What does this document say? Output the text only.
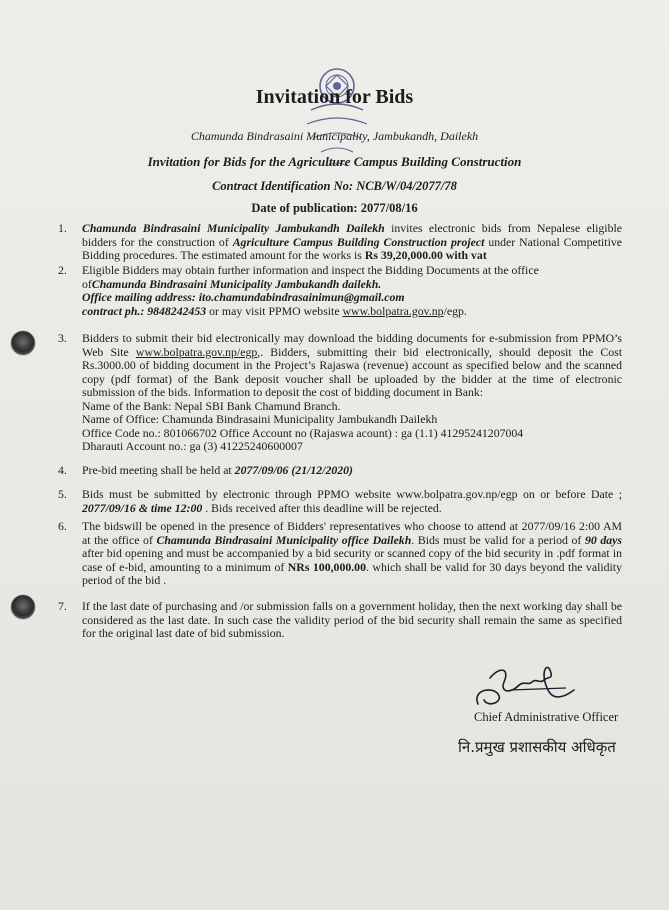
Invitation for Bids
Chamunda Bindrasaini Municipality, Jambukandh, Dailekh
Invitation for Bids for the Agriculture Campus Building Construction
Contract Identification No: NCB/W/04/2077/78
Date of publication: 2077/08/16
1. Chamunda Bindrasaini Municipality Jambukandh Dailekh invites electronic bids from Nepalese eligible bidders for the construction of Agriculture Campus Building Construction project under National Competitive Bidding procedures. The estimated amount for the works is Rs 39,20,000.00 with vat
2. Eligible Bidders may obtain further information and inspect the Bidding Documents at the office
ofChamunda Bindrasaini Municipality Jambukandh dailekh.
Office mailing address: ito.chamundabindrasainimun@gmail.com
contract ph.: 9848242453 or may visit PPMO website www.bolpatra.gov.np/egp.
3. Bidders to submit their bid electronically may download the bidding documents for e-submission from PPMO’s Web Site www.bolpatra.gov.np/egp,. Bidders, submitting their bid electronically, should deposit the Cost Rs.3000.00 of bidding document in the Project’s Rajaswa (revenue) account as specified below and the scanned copy (pdf format) of the Bank deposit voucher shall be uploaded by the bidder at the time of electronic submission of the bids. Information to deposit the cost of bidding document in Bank:
Name of the Bank: Nepal SBI Bank Chamund Branch.
Name of Office: Chamunda Bindrasaini Municipality Jambukandh Dailekh
Office Code no.: 801066702 Office Account no (Rajaswa acount) : ga (1.1) 41295241207004
Dharauti Account no.: ga (3) 41225240600007
4. Pre-bid meeting shall be held at 2077/09/06 (21/12/2020)
5. Bids must be submitted by electronic through PPMO website www.bolpatra.gov.np/egp on or before Date ; 2077/09/16 & time 12:00 . Bids received after this deadline will be rejected.
6. The bidswill be opened in the presence of Bidders' representatives who choose to attend at 2077/09/16 2:00 AM at the office of Chamunda Bindrasaini Municipality office Dailekh. Bids must be valid for a period of 90 days after bid opening and must be accompanied by a bid security or scanned copy of the bid security in .pdf format in case of e-bid, amounting to a minimum of NRs 100,000.00. which shall be valid for 30 days beyond the validity period of the bid .
7. If the last date of purchasing and /or submission falls on a government holiday, then the next working day shall be considered as the last date. In such case the validity period of the bid security shall remain the same as specified for the original last date of bid submission.
Chief Administrative Officer
नि.प्रमुख प्रशासकीय अधिकृत
